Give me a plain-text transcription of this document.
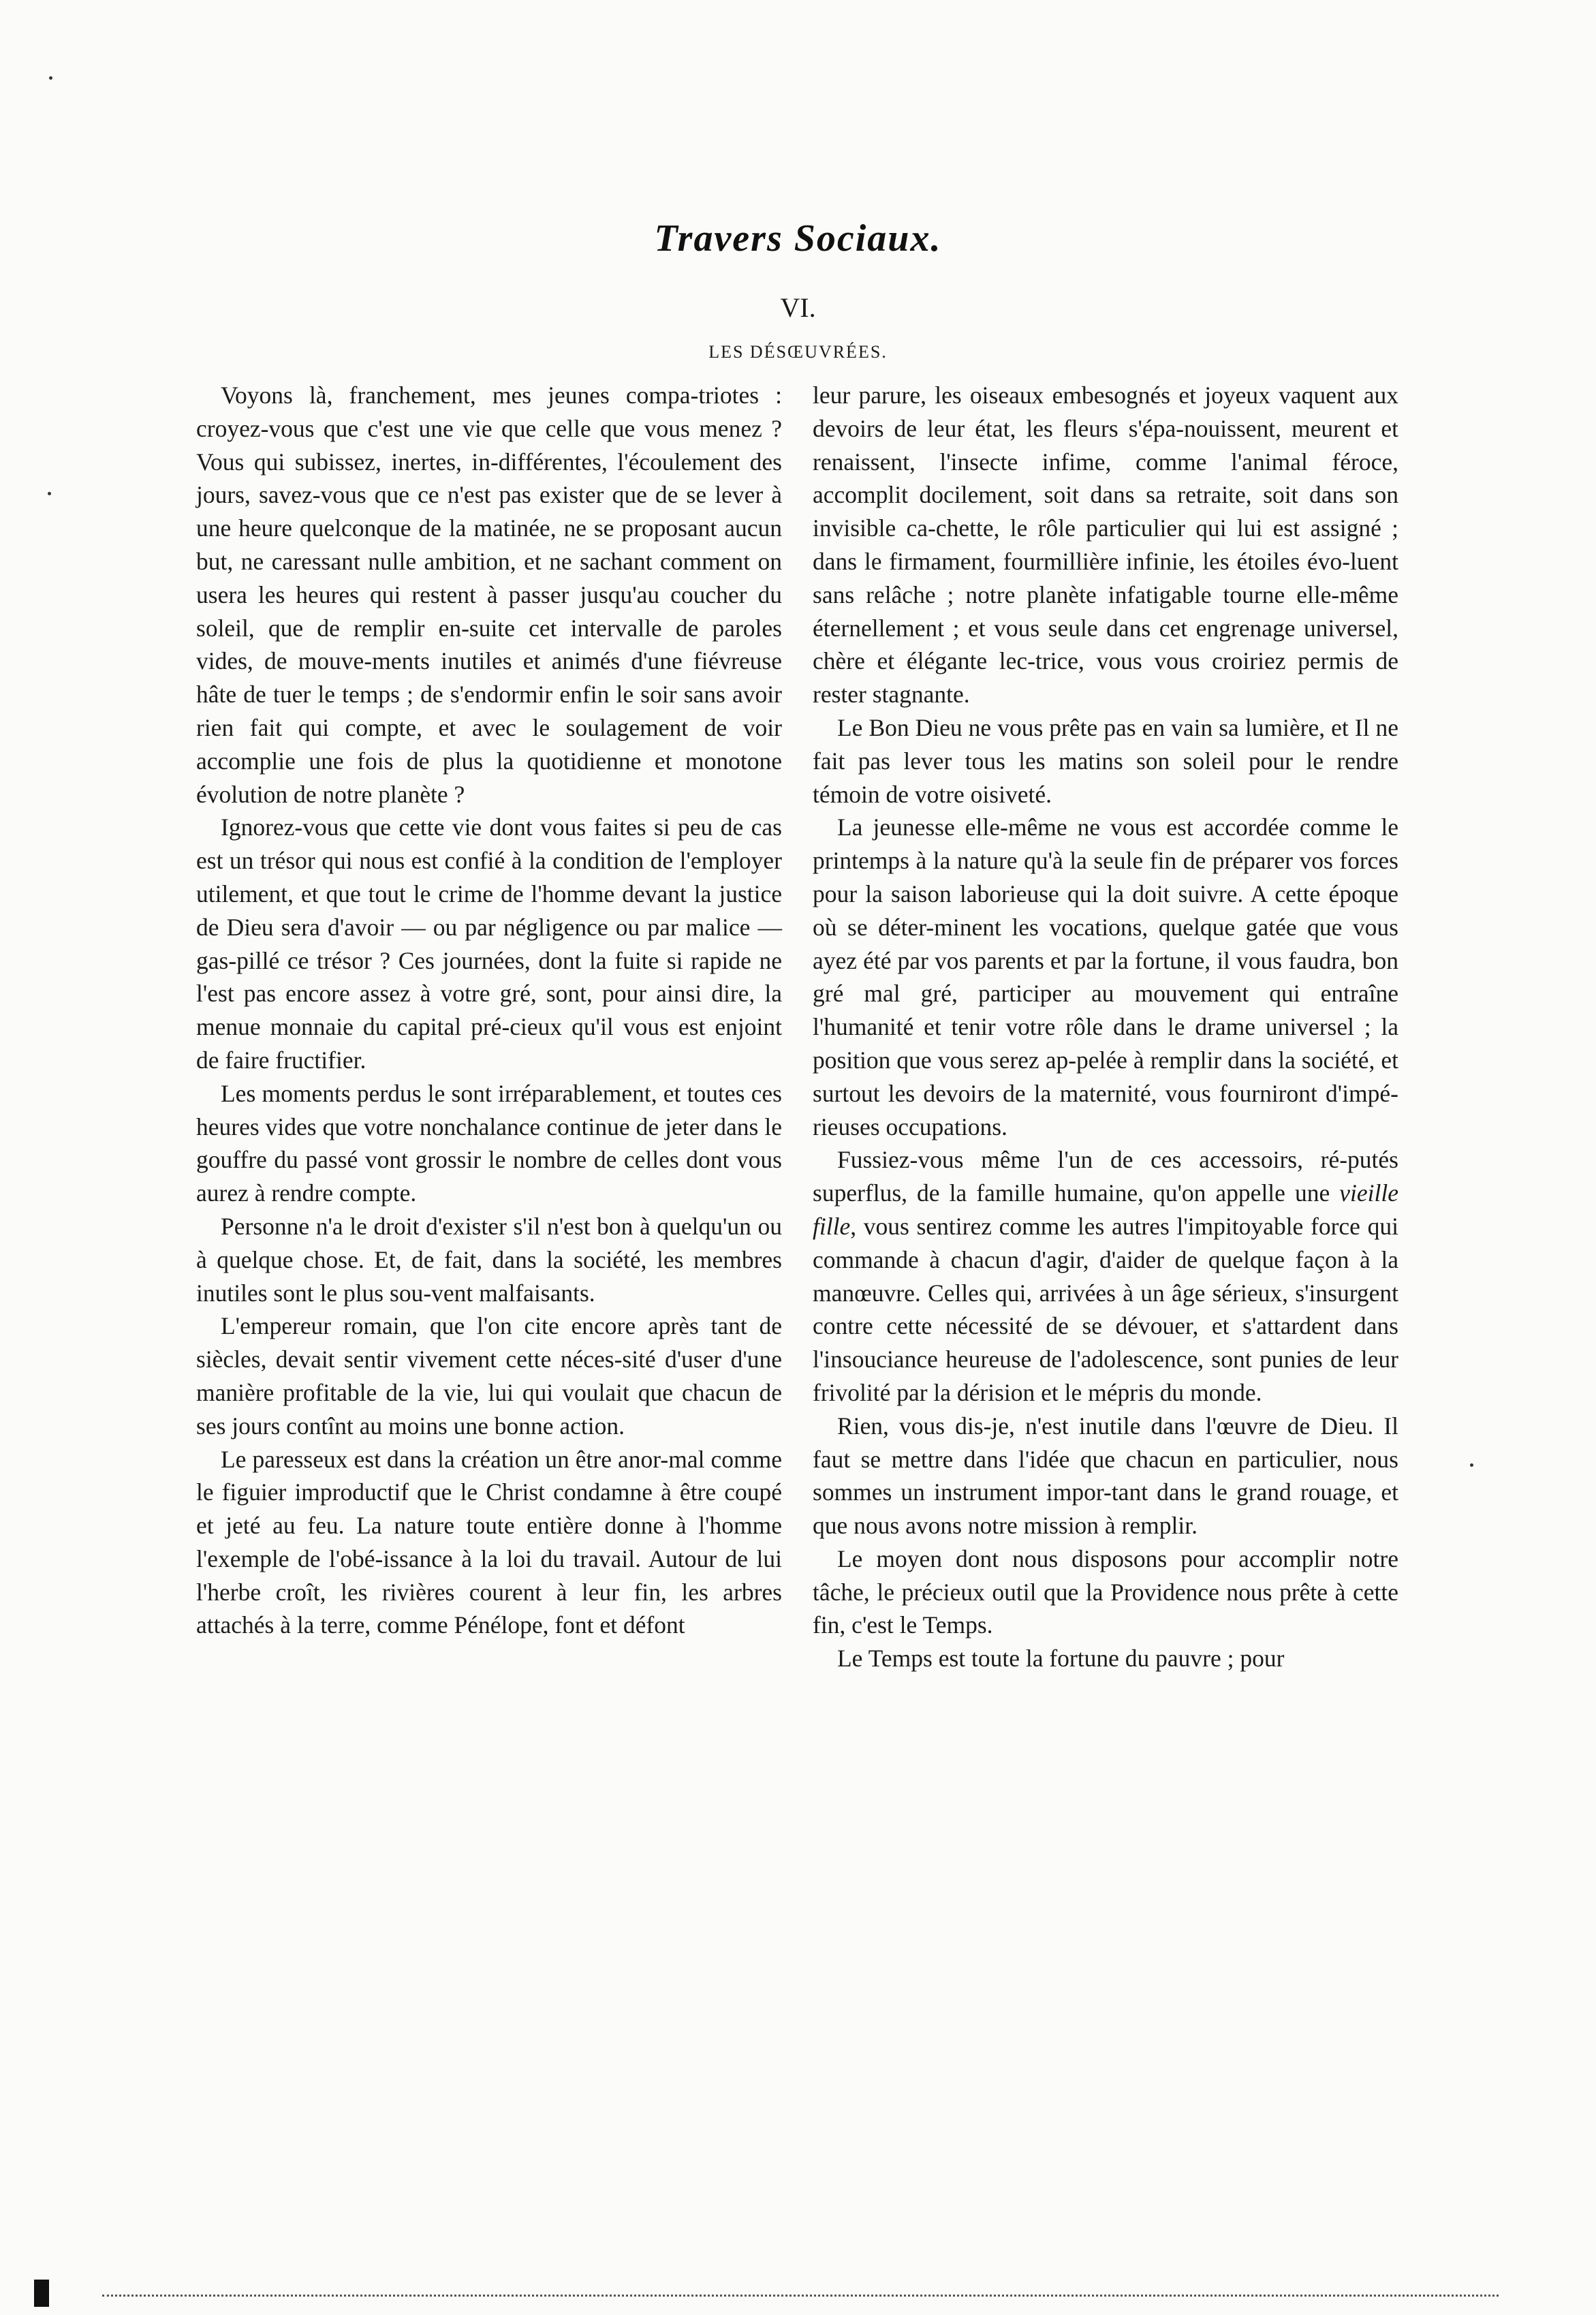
Travers Sociaux.
VI.
LES DÉSŒUVRÉES.

Voyons là, franchement, mes jeunes compa-triotes : croyez-vous que c'est une vie que celle que vous menez ? Vous qui subissez, inertes, in-différentes, l'écoulement des jours, savez-vous que ce n'est pas exister que de se lever à une heure quelconque de la matinée, ne se proposant aucun but, ne caressant nulle ambition, et ne sachant comment on usera les heures qui restent à passer jusqu'au coucher du soleil, que de remplir en-suite cet intervalle de paroles vides, de mouve-ments inutiles et animés d'une fiévreuse hâte de tuer le temps ; de s'endormir enfin le soir sans avoir rien fait qui compte, et avec le soulagement de voir accomplie une fois de plus la quotidienne et monotone évolution de notre planète ?

Ignorez-vous que cette vie dont vous faites si peu de cas est un trésor qui nous est confié à la condition de l'employer utilement, et que tout le crime de l'homme devant la justice de Dieu sera d'avoir — ou par négligence ou par malice — gas-pillé ce trésor ? Ces journées, dont la fuite si rapide ne l'est pas encore assez à votre gré, sont, pour ainsi dire, la menue monnaie du capital pré-cieux qu'il vous est enjoint de faire fructifier.

Les moments perdus le sont irréparablement, et toutes ces heures vides que votre nonchalance continue de jeter dans le gouffre du passé vont grossir le nombre de celles dont vous aurez à rendre compte.

Personne n'a le droit d'exister s'il n'est bon à quelqu'un ou à quelque chose. Et, de fait, dans la société, les membres inutiles sont le plus sou-vent malfaisants.

L'empereur romain, que l'on cite encore après tant de siècles, devait sentir vivement cette néces-sité d'user d'une manière profitable de la vie, lui qui voulait que chacun de ses jours contînt au moins une bonne action.

Le paresseux est dans la création un être anor-mal comme le figuier improductif que le Christ condamne à être coupé et jeté au feu. La nature toute entière donne à l'homme l'exemple de l'obé-issance à la loi du travail. Autour de lui l'herbe croît, les rivières courent à leur fin, les arbres attachés à la terre, comme Pénélope, font et défont

leur parure, les oiseaux embesognés et joyeux vaquent aux devoirs de leur état, les fleurs s'épa-nouissent, meurent et renaissent, l'insecte infime, comme l'animal féroce, accomplit docilement, soit dans sa retraite, soit dans son invisible ca-chette, le rôle particulier qui lui est assigné ; dans le firmament, fourmillière infinie, les étoiles évo-luent sans relâche ; notre planète infatigable tourne elle-même éternellement ; et vous seule dans cet engrenage universel, chère et élégante lec-trice, vous vous croiriez permis de rester stagnante.

Le Bon Dieu ne vous prête pas en vain sa lumière, et Il ne fait pas lever tous les matins son soleil pour le rendre témoin de votre oisiveté.

La jeunesse elle-même ne vous est accordée comme le printemps à la nature qu'à la seule fin de préparer vos forces pour la saison laborieuse qui la doit suivre. A cette époque où se déter-minent les vocations, quelque gatée que vous ayez été par vos parents et par la fortune, il vous faudra, bon gré mal gré, participer au mouvement qui entraîne l'humanité et tenir votre rôle dans le drame universel ; la position que vous serez ap-pelée à remplir dans la société, et surtout les devoirs de la maternité, vous fourniront d'impé-rieuses occupations.

Fussiez-vous même l'un de ces accessoirs, ré-putés superflus, de la famille humaine, qu'on appelle une vieille fille, vous sentirez comme les autres l'impitoyable force qui commande à chacun d'agir, d'aider de quelque façon à la manœuvre. Celles qui, arrivées à un âge sérieux, s'insurgent contre cette nécessité de se dévouer, et s'attardent dans l'insouciance heureuse de l'adolescence, sont punies de leur frivolité par la dérision et le mépris du monde.

Rien, vous dis-je, n'est inutile dans l'œuvre de Dieu. Il faut se mettre dans l'idée que chacun en particulier, nous sommes un instrument impor-tant dans le grand rouage, et que nous avons notre mission à remplir.

Le moyen dont nous disposons pour accomplir notre tâche, le précieux outil que la Providence nous prête à cette fin, c'est le Temps.

Le Temps est toute la fortune du pauvre ; pour
